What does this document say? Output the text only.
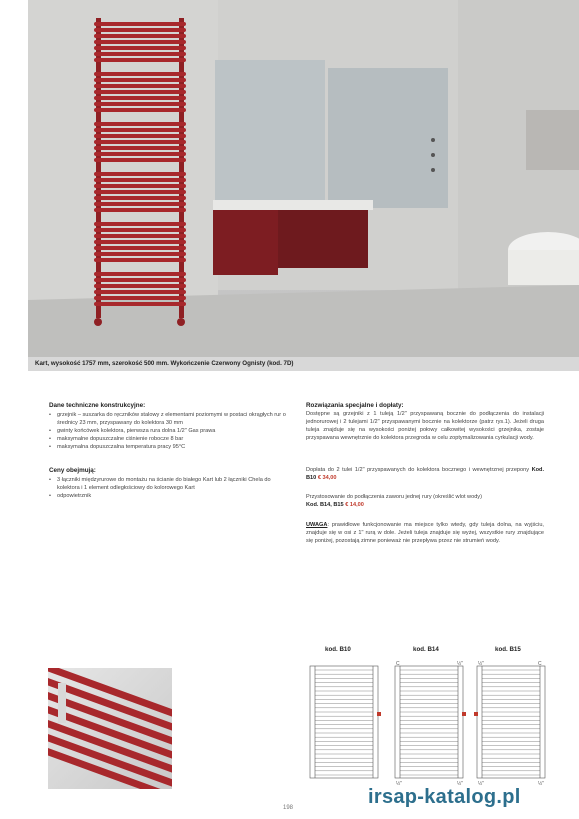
Kart, wysokość 1757 mm, szerokość 500 mm. Wykończenie Czerwony Ognisty (kod. 7D)
Dane techniczne konstrukcyjne:
• grzejnik – suszarka do ręczników stalowy z elementami poziomymi w postaci okrągłych rur o średnicy 23 mm, przyspawany do kolektora 30 mm
• gwinty końcówek kolektora, pierwsza rura dolna 1/2" Gas prawa
• maksymalne dopuszczalne ciśnienie robocze 8 bar
• maksymalna dopuszczalna temperatura pracy 95°C
Ceny obejmują:
• 3 łączniki międzyrurowe do montażu na ścianie do białego Kart lub 2 łączniki Chela do kolektora i 1 element odległościowy do kolorowego Kart
• odpowietrznik
Rozwiązania specjalne i dopłaty:
Dostępne są grzejniki z 1 tuleją 1/2" przyspawaną bocznie do podłączenia do instalacji jednorurowej i 2 tulejami 1/2" przyspawanymi bocznie na kolektorze (patrz rys.1). Jeżeli druga tuleja znajduje się na wysokości poniżej połowy całkowitej wysokości grzejnika, zostaje przyspawana wewnętrznie do kolektora przegroda w celu zoptymalizowania cyrkulacji wody.
Dopłata do 2 tulei 1/2" przyspawanych do kolektora bocznego i wewnętrznej przepony Kod. B10 € 34,00
Przystosowanie do podłączenia zaworu jednej rury (określić wlot wody)
Kod. B14, B15 € 14,00
UWAGA: prawidłowe funkcjonowanie ma miejsce tylko wtedy, gdy tuleja dolna, na wyjściu, znajduje się w osi z 1" rurą w dole. Jeżeli tuleja znajduje się wyżej, wszystkie rury znajdujące się poniżej, pozostają zimne ponieważ nie przepływa przez nie strumień wody.
kod. B10	kod. B14	kod. B15
C	½"	½"	C
½"	½"	½"	½"
198	irsap-katalog.pl
